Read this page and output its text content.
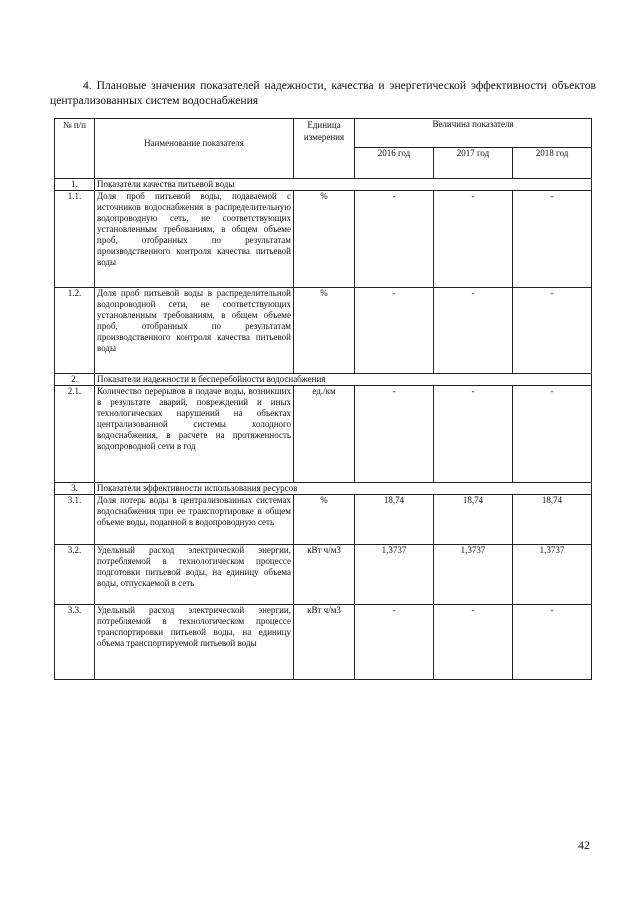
4. Плановые значения показателей надежности, качества и энергетической эффективности объектов централизованных систем водоснабжения
№ п/п	Наименование показателя	Единица измерения	Величина показателя		
			2016 год	2017 год	2018 год
1.	Показатели качества питьевой воды				
1.1.	Доля проб питьевой воды, подаваемой с источников водоснабжения в распределительную водопроводную сеть, не соответствующих установленным требованиям, в общем объеме проб, отобранных по результатам производственного контроля качества питьевой воды	%	-	-	-
1.2.	Доля проб питьевой воды в распределительной водопроводной сети, не соответствующих установленным требованиям, в общем объеме проб, отобранных по результатам производственного контроля качества питьевой воды	%	-	-	-
2.	Показатели надежности и бесперебойности водоснабжения				
2.1.	Количество перерывов в подаче воды, возникших в результате аварий, повреждений и иных технологических нарушений на объектах централизованной системы холодного водоснабжения, в расчете на протяженность водопроводной сети в год	ед./км	-	-	-
3.	Показатели эффективности использования ресурсов				
3.1.	Доля потерь воды в централизованных системах водоснабжения при ее транспортировке в общем объеме воды, поданной в водопроводную сеть	%	18,74	18,74	18,74
3.2.	Удельный расход электрической энергии, потребляемой в технологическом процессе подготовки питьевой воды, на единицу объема воды, отпускаемой в сеть	кВт ч/м3	1,3737	1,3737	1,3737
3.3.	Удельный расход электрической энергии, потребляемой в технологическом процессе транспортировки питьевой воды, на единицу объема транспортируемой питьевой воды	кВт ч/м3	-	-	-
42
